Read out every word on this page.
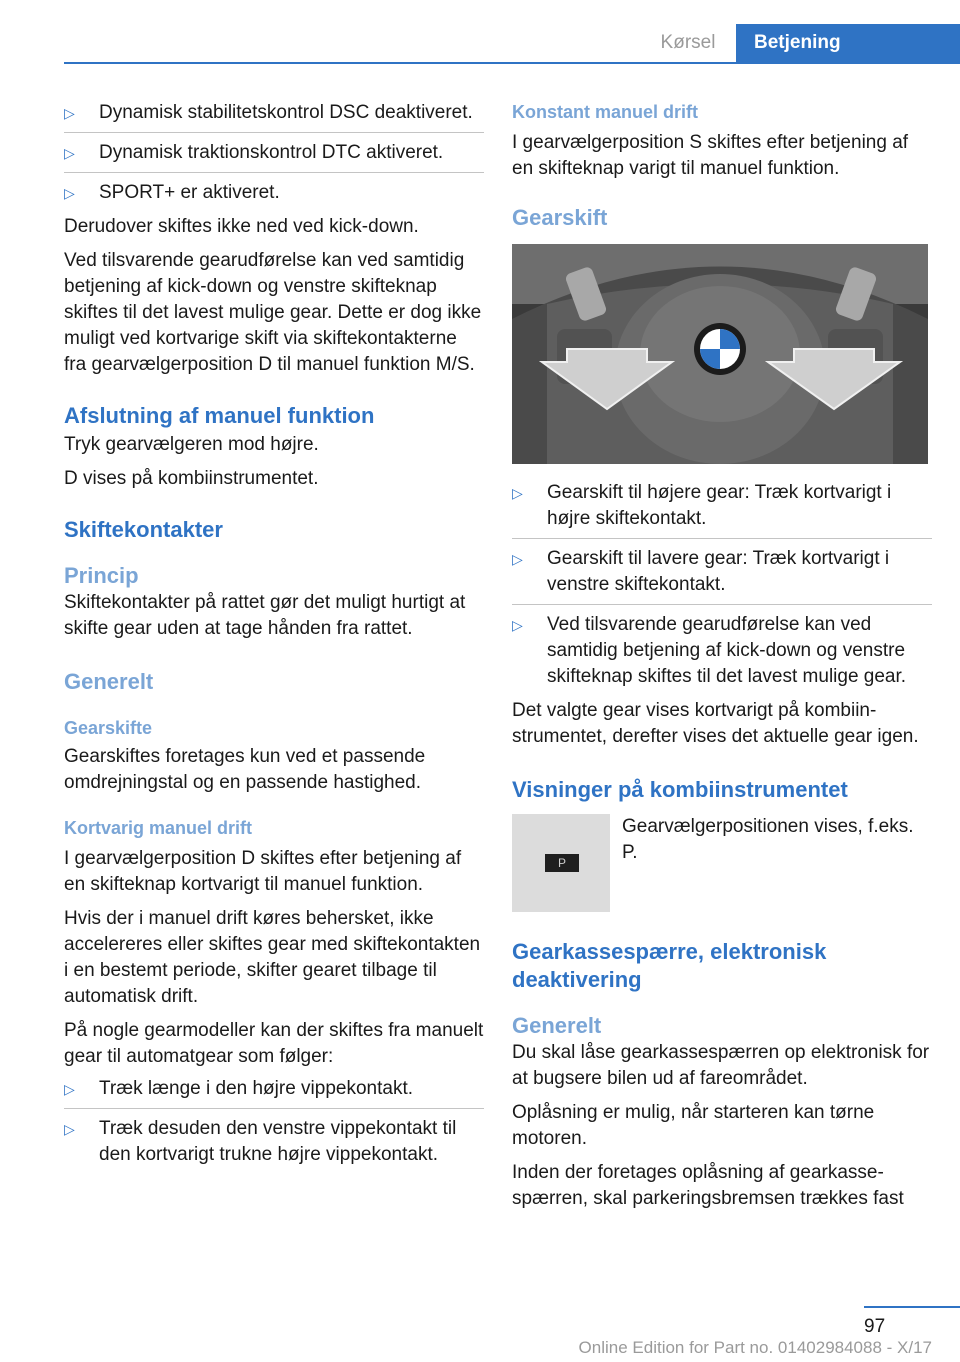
Kørsel	Betjening

▷ Dynamisk stabilitetskontrol DSC deaktiveret.

▷ Dynamisk traktionskontrol DTC aktiveret.

▷ SPORT+ er aktiveret.

Derudover skiftes ikke ned ved kick-down.

Ved tilsvarende gearudførelse kan ved samtidig betjening af kick-down og venstre skifteknap skiftes til det lavest mulige gear. Dette er dog ikke muligt ved kortvarige skift via skiftekontakterne fra gearvælgerposition D til manuel funktion M/S.

Afslutning af manuel funktion

Tryk gearvælgeren mod højre.

D vises på kombiinstrumentet.

Skiftekontakter
Princip

Skiftekontakter på rattet gør det muligt hurtigt at skifte gear uden at tage hånden fra rattet.

Generelt
Gearskifte

Gearskiftes foretages kun ved et passende omdrejningstal og en passende hastighed.

Kortvarig manuel drift

I gearvælgerposition D skiftes efter betjening af en skifteknap kortvarigt til manuel funktion.

Hvis der i manuel drift køres behersket, ikke accelereres eller skiftes gear med skiftekontakten i en bestemt periode, skifter gearet tilbage til automatisk drift.

På nogle gearmodeller kan der skiftes fra manuelt gear til automatgear som følger:

▷ Træk længe i den højre vippekontakt.

▷ Træk desuden den venstre vippekontakt til den kortvarigt trukne højre vippekontakt.

Konstant manuel drift

I gearvælgerposition S skiftes efter betjening af en skifteknap varigt til manuel funktion.

Gearskift

▷ Gearskift til højere gear: Træk kortvarigt i højre skiftekontakt.

▷ Gearskift til lavere gear: Træk kortvarigt i venstre skiftekontakt.

▷ Ved tilsvarende gearudførelse kan ved samtidig betjening af kick-down og venstre skifteknap skiftes til det lavest mulige gear.

Det valgte gear vises kortvarigt på kombiinstrumentet, derefter vises det aktuelle gear igen.

Visninger på kombiinstrumentet
P

Gearvælgerpositionen vises, f.eks. P.

Gearkassespærre, elektronisk deaktivering
Generelt

Du skal låse gearkassespærren op elektronisk for at bugsere bilen ud af fareområdet.

Oplåsning er mulig, når starteren kan tørne motoren.

Inden der foretages oplåsning af gearkassespærren, skal parkeringsbremsen trækkes fast

97
Online Edition for Part no. 01402984088 - X/17
